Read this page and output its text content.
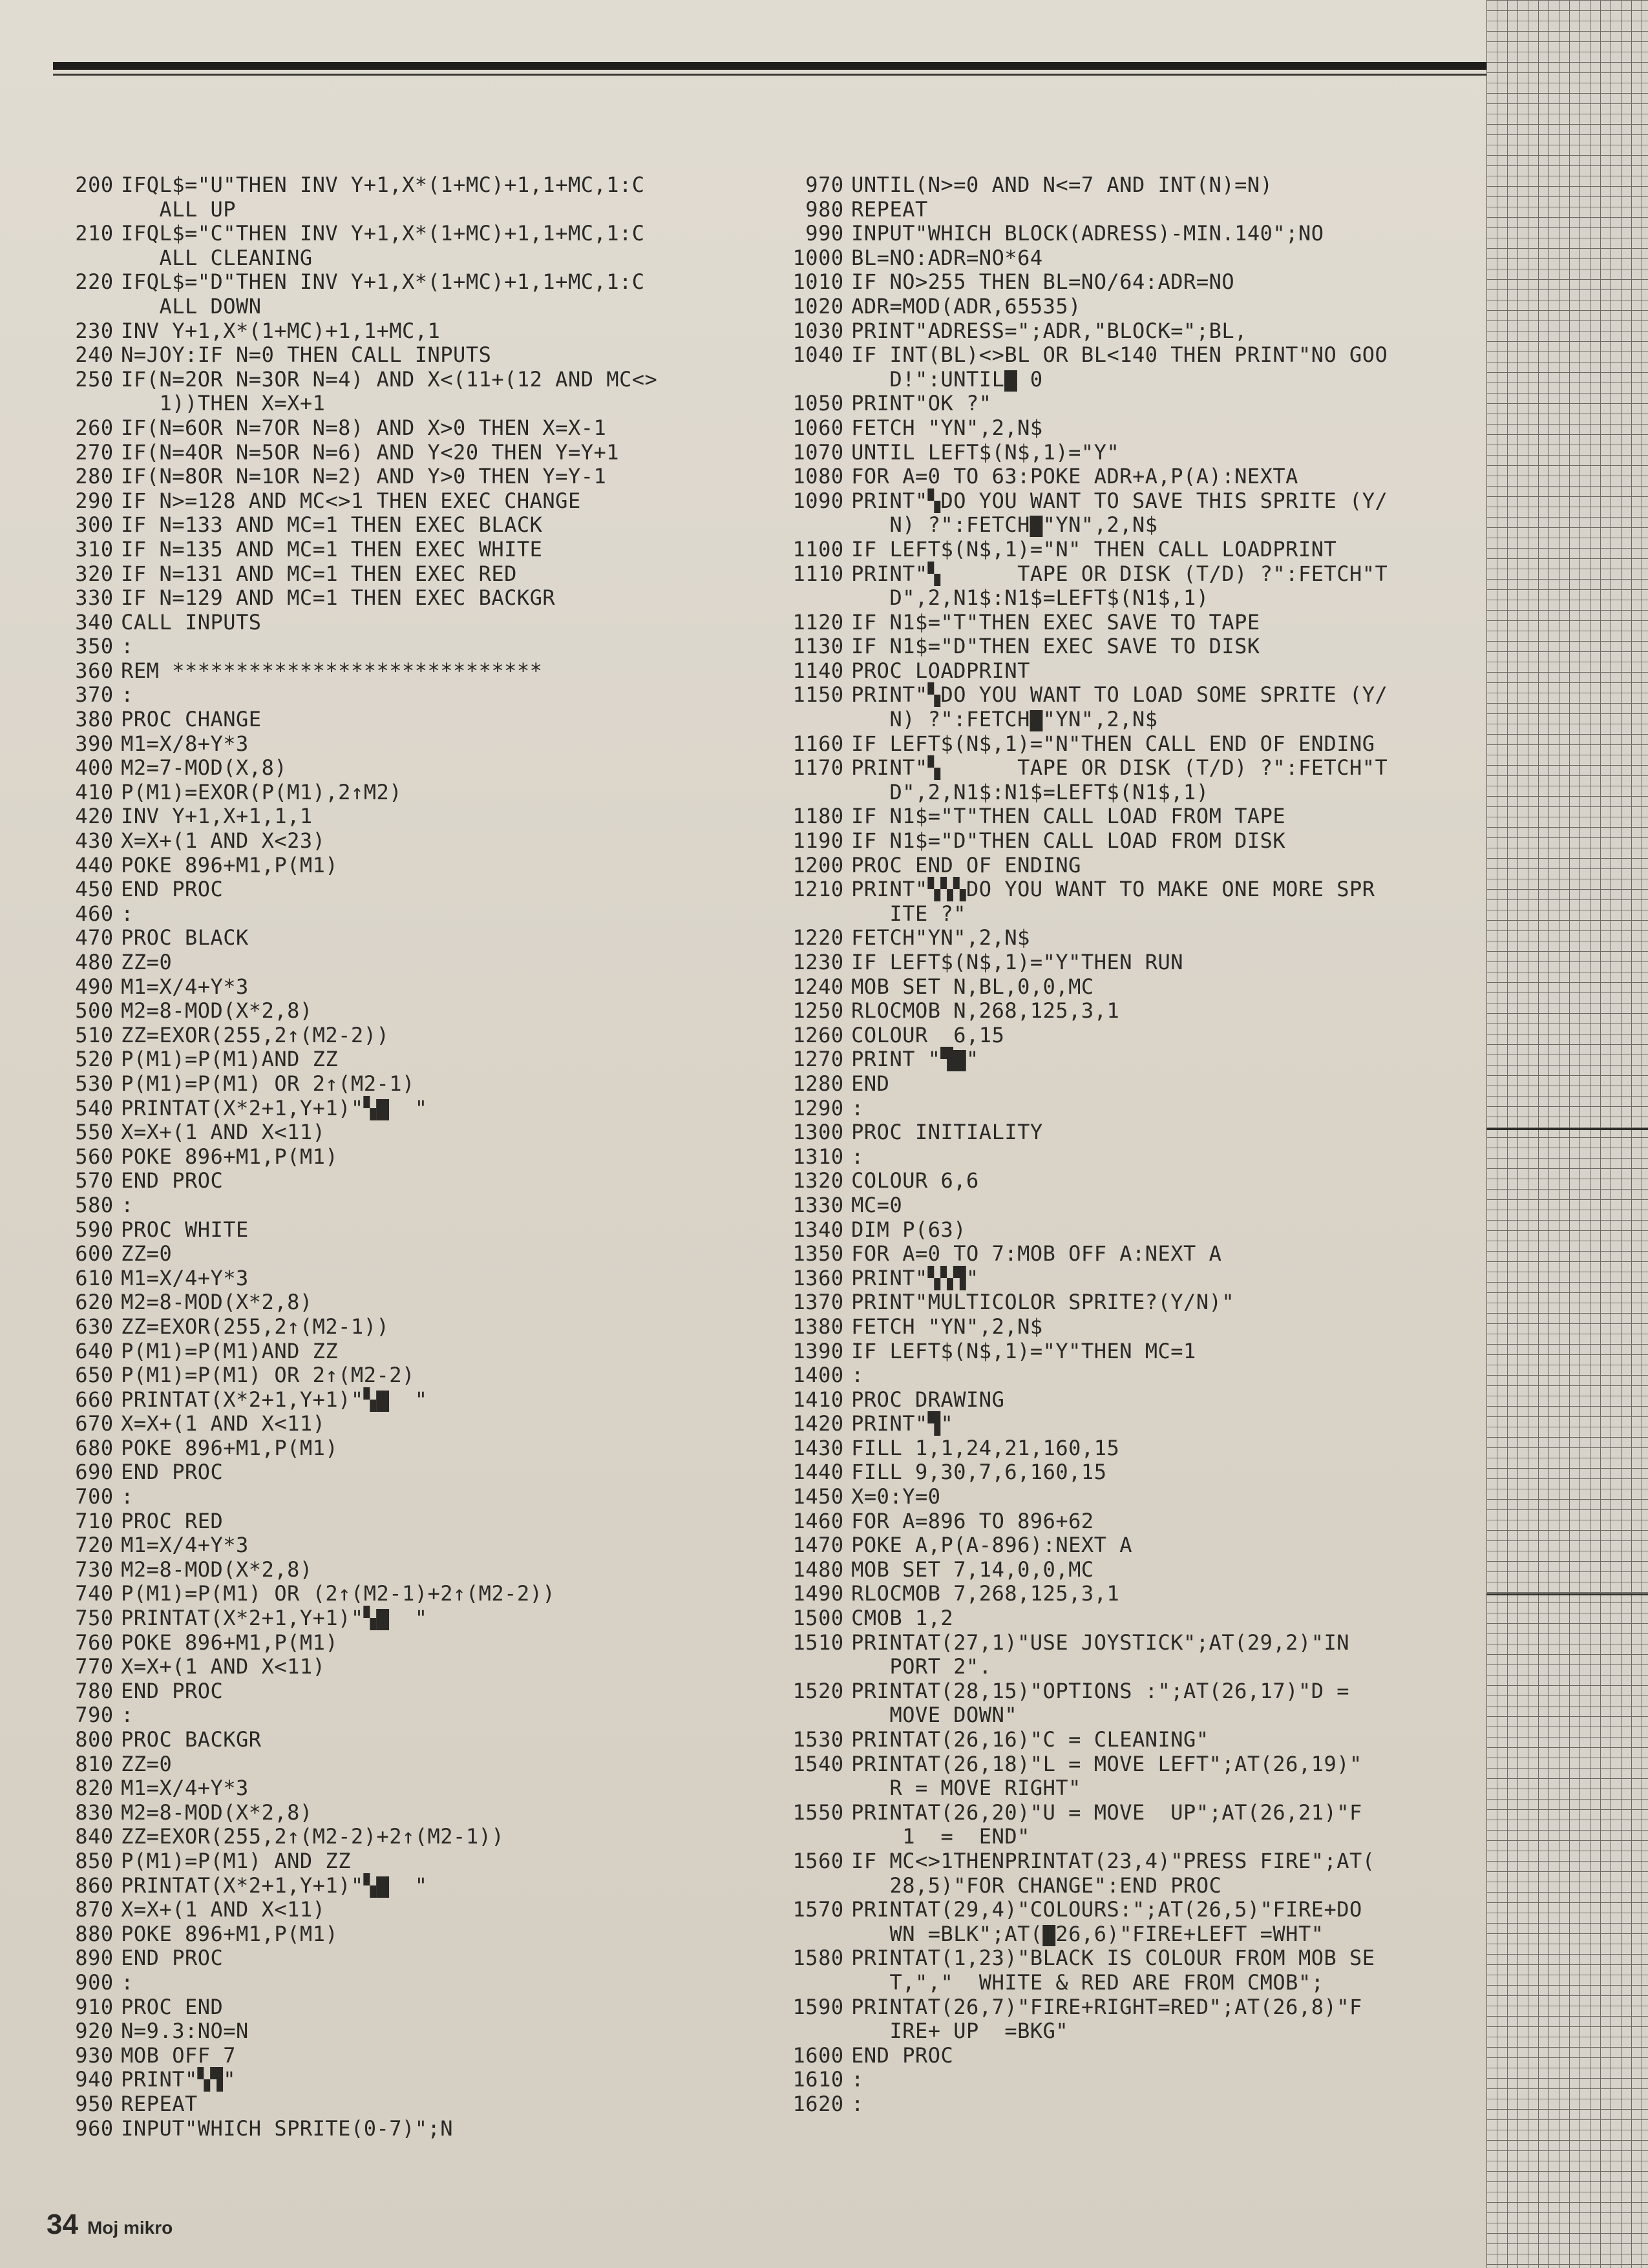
200 IFQL$="U"THEN INV Y+1,X*(1+MC)+1,1+MC,1:C
ALL UP
210 IFQL$="C"THEN INV Y+1,X*(1+MC)+1,1+MC,1:C
ALL CLEANING
220 IFQL$="D"THEN INV Y+1,X*(1+MC)+1,1+MC,1:C
ALL DOWN
230 INV Y+1,X*(1+MC)+1,1+MC,1
240 N=JOY:IF N=0 THEN CALL INPUTS
250 IF(N=2OR N=3OR N=4) AND X<(11+(12 AND MC<>
1))THEN X=X+1
260 IF(N=6OR N=7OR N=8) AND X>0 THEN X=X-1
270 IF(N=4OR N=5OR N=6) AND Y<20 THEN Y=Y+1
280 IF(N=8OR N=1OR N=2) AND Y>0 THEN Y=Y-1
290 IF N>=128 AND MC<>1 THEN EXEC CHANGE
300 IF N=133 AND MC=1 THEN EXEC BLACK
310 IF N=135 AND MC=1 THEN EXEC WHITE
320 IF N=131 AND MC=1 THEN EXEC RED
330 IF N=129 AND MC=1 THEN EXEC BACKGR
340 CALL INPUTS
350 :
360 REM *****************************
370 :
380 PROC CHANGE
390 M1=X/8+Y*3
400 M2=7-MOD(X,8)
410 P(M1)=EXOR(P(M1),2↑M2)
420 INV Y+1,X+1,1,1
430 X=X+(1 AND X<23)
440 POKE 896+M1,P(M1)
450 END PROC
460 :
470 PROC BLACK
480 ZZ=0
490 M1=X/4+Y*3
500 M2=8-MOD(X*2,8)
510 ZZ=EXOR(255,2↑(M2-2))
520 P(M1)=P(M1)AND ZZ
530 P(M1)=P(M1) OR 2↑(M2-1)
540 PRINTAT(X*2+1,Y+1)"▚▇  "
550 X=X+(1 AND X<11)
560 POKE 896+M1,P(M1)
570 END PROC
580 :
590 PROC WHITE
600 ZZ=0
610 M1=X/4+Y*3
620 M2=8-MOD(X*2,8)
630 ZZ=EXOR(255,2↑(M2-1))
640 P(M1)=P(M1)AND ZZ
650 P(M1)=P(M1) OR 2↑(M2-2)
660 PRINTAT(X*2+1,Y+1)"▚▇  "
670 X=X+(1 AND X<11)
680 POKE 896+M1,P(M1)
690 END PROC
700 :
710 PROC RED
720 M1=X/4+Y*3
730 M2=8-MOD(X*2,8)
740 P(M1)=P(M1) OR (2↑(M2-1)+2↑(M2-2))
750 PRINTAT(X*2+1,Y+1)"▚▇  "
760 POKE 896+M1,P(M1)
770 X=X+(1 AND X<11)
780 END PROC
790 :
800 PROC BACKGR
810 ZZ=0
820 M1=X/4+Y*3
830 M2=8-MOD(X*2,8)
840 ZZ=EXOR(255,2↑(M2-2)+2↑(M2-1))
850 P(M1)=P(M1) AND ZZ
860 PRINTAT(X*2+1,Y+1)"▚▇  "
870 X=X+(1 AND X<11)
880 POKE 896+M1,P(M1)
890 END PROC
900 :
910 PROC END
920 N=9.3:NO=N
930 MOB OFF 7
940 PRINT"▚▜"
950 REPEAT
960 INPUT"WHICH SPRITE(0-7)";N
970 UNTIL(N>=0 AND N<=7 AND INT(N)=N)
980 REPEAT
990 INPUT"WHICH BLOCK(ADRESS)-MIN.140";NO
1000 BL=NO:ADR=NO*64
1010 IF NO>255 THEN BL=NO/64:ADR=NO
1020 ADR=MOD(ADR,65535)
1030 PRINT"ADRESS=";ADR,"BLOCK=";BL,
1040 IF INT(BL)<>BL OR BL<140 THEN PRINT"NO GOO
D!":UNTIL▇ 0
1050 PRINT"OK ?"
1060 FETCH "YN",2,N$
1070 UNTIL LEFT$(N$,1)="Y"
1080 FOR A=0 TO 63:POKE ADR+A,P(A):NEXTA
1090 PRINT"▚DO YOU WANT TO SAVE THIS SPRITE (Y/
N) ?":FETCH▇"YN",2,N$
1100 IF LEFT$(N$,1)="N" THEN CALL LOADPRINT
1110 PRINT"▚      TAPE OR DISK (T/D) ?":FETCH"T
D",2,N1$:N1$=LEFT$(N1$,1)
1120 IF N1$="T"THEN EXEC SAVE TO TAPE
1130 IF N1$="D"THEN EXEC SAVE TO DISK
1140 PROC LOADPRINT
1150 PRINT"▚DO YOU WANT TO LOAD SOME SPRITE (Y/
N) ?":FETCH▇"YN",2,N$
1160 IF LEFT$(N$,1)="N"THEN CALL END OF ENDING
1170 PRINT"▚      TAPE OR DISK (T/D) ?":FETCH"T
D",2,N1$:N1$=LEFT$(N1$,1)
1180 IF N1$="T"THEN CALL LOAD FROM TAPE
1190 IF N1$="D"THEN CALL LOAD FROM DISK
1200 PROC END OF ENDING
1210 PRINT"▚▚▚DO YOU WANT TO MAKE ONE MORE SPR
ITE ?"
1220 FETCH"YN",2,N$
1230 IF LEFT$(N$,1)="Y"THEN RUN
1240 MOB SET N,BL,0,0,MC
1250 RLOCMOB N,268,125,3,1
1260 COLOUR  6,15
1270 PRINT "▜▇"
1280 END
1290 :
1300 PROC INITIALITY
1310 :
1320 COLOUR 6,6
1330 MC=0
1340 DIM P(63)
1350 FOR A=0 TO 7:MOB OFF A:NEXT A
1360 PRINT"▚▚▜"
1370 PRINT"MULTICOLOR SPRITE?(Y/N)"
1380 FETCH "YN",2,N$
1390 IF LEFT$(N$,1)="Y"THEN MC=1
1400 :
1410 PROC DRAWING
1420 PRINT"▜"
1430 FILL 1,1,24,21,160,15
1440 FILL 9,30,7,6,160,15
1450 X=0:Y=0
1460 FOR A=896 TO 896+62
1470 POKE A,P(A-896):NEXT A
1480 MOB SET 7,14,0,0,MC
1490 RLOCMOB 7,268,125,3,1
1500 CMOB 1,2
1510 PRINTAT(27,1)"USE JOYSTICK";AT(29,2)"IN
PORT 2".
1520 PRINTAT(28,15)"OPTIONS :";AT(26,17)"D =
MOVE DOWN"
1530 PRINTAT(26,16)"C = CLEANING"
1540 PRINTAT(26,18)"L = MOVE LEFT";AT(26,19)"
R = MOVE RIGHT"
1550 PRINTAT(26,20)"U = MOVE  UP";AT(26,21)"F
1  =  END"
1560 IF MC<>1THENPRINTAT(23,4)"PRESS FIRE";AT(
28,5)"FOR CHANGE":END PROC
1570 PRINTAT(29,4)"COLOURS:";AT(26,5)"FIRE+DO
WN =BLK";AT(▇26,6)"FIRE+LEFT =WHT"
1580 PRINTAT(1,23)"BLACK IS COLOUR FROM MOB SE
T,","  WHITE & RED ARE FROM CMOB";
1590 PRINTAT(26,7)"FIRE+RIGHT=RED";AT(26,8)"F
IRE+ UP  =BKG"
1600 END PROC
1610 :
1620 :
34 Moj mikro
